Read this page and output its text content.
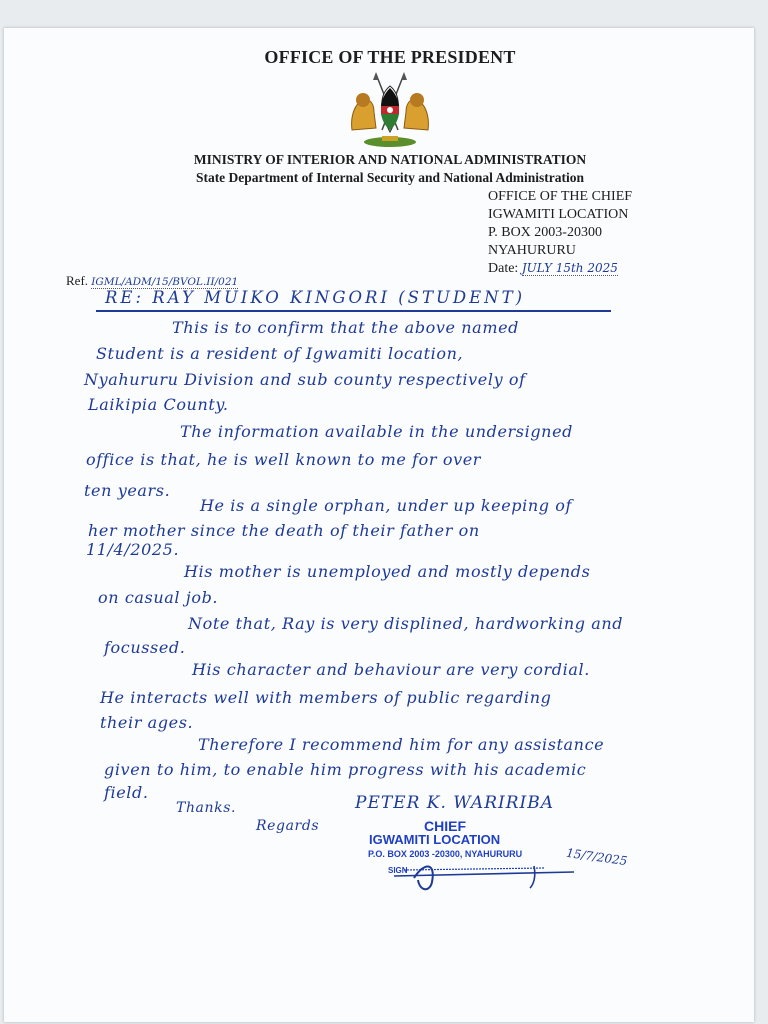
OFFICE OF THE PRESIDENT
MINISTRY OF INTERIOR AND NATIONAL ADMINISTRATION
State Department of Internal Security and National Administration
OFFICE OF THE CHIEF
IGWAMITI LOCATION
P. BOX 2003-20300
NYAHURURU
Date: JULY 15th 2025
Ref. IGML/ADM/15/BVOL.II/021
RE: RAY MUIKO KINGORI (STUDENT)
This is to confirm that the above named
Student is a resident of Igwamiti location,
Nyahururu Division and sub county respectively of
Laikipia County.
The information available in the undersigned
office is that, he is well known to me for over
ten years.
He is a single orphan, under up keeping of
her mother since the death of their father on
11/4/2025.
His mother is unemployed and mostly depends
on casual job.
Note that, Ray is very displined, hardworking and
focussed.
His character and behaviour are very cordial.
He interacts well with members of public regarding
their ages.
Therefore I recommend him for any assistance
given to him, to enable him progress with his academic
field.
Thanks.
Regards
PETER K. WARIRIBA
CHIEF
IGWAMITI LOCATION
P.O. BOX 2003 -20300, NYAHURURU
SIGN
15/7/2025
